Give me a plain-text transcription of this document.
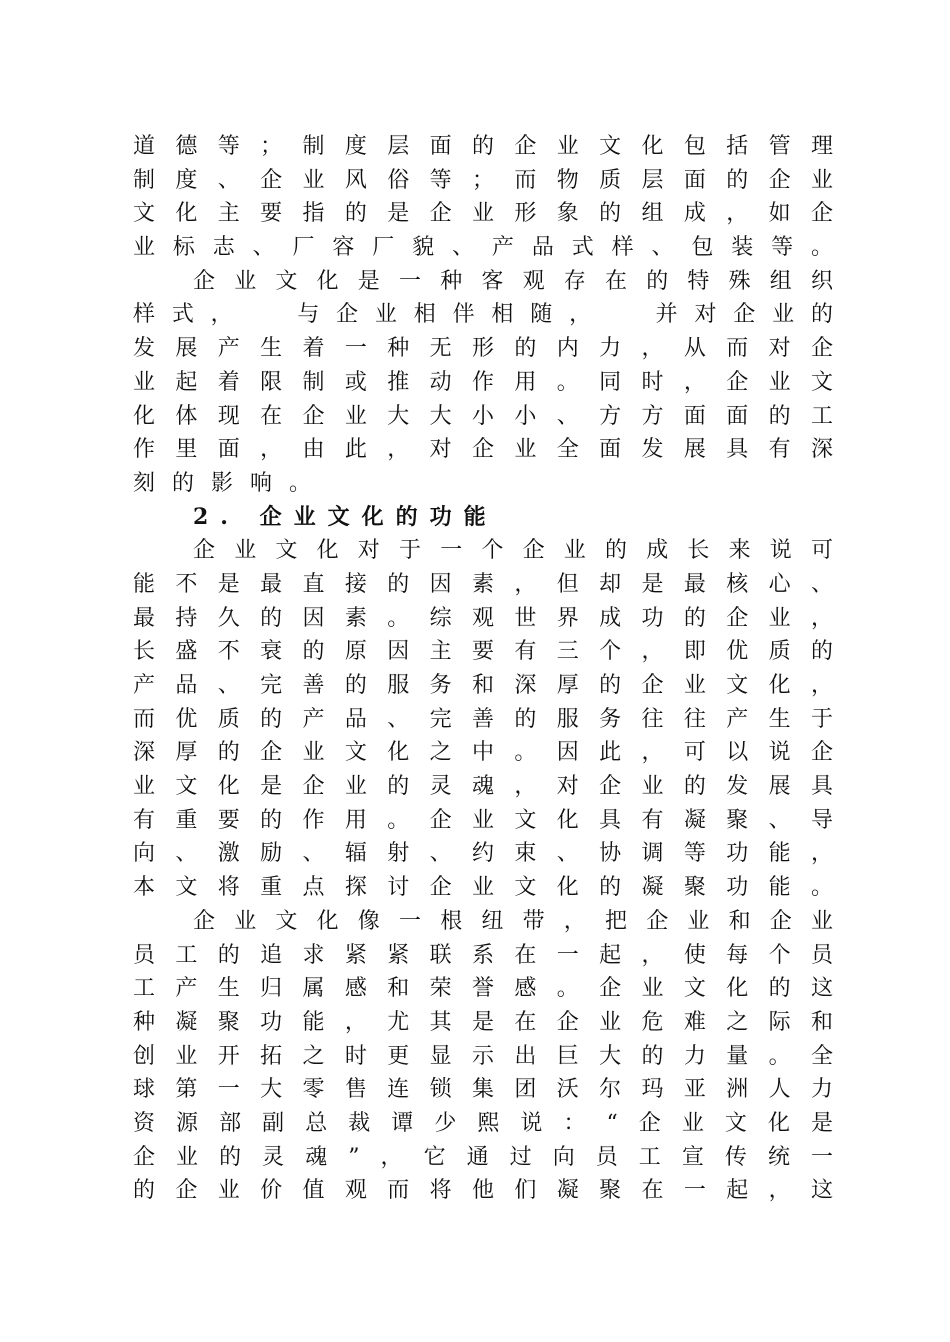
道德等；制度层面的企业文化包括管理
制度、企业风俗等；而物质层面的企业
文化主要指的是企业形象的组成，如企
业标志、厂容厂貌、产品式样、包装等。
企业文化是一种客观存在的特殊组织
样式，  与企业相伴相随，  并对企业的
发展产生着一种无形的内力，从而对企
业起着限制或推动作用。同时，企业文
化体现在企业大大小小、方方面面的工
作里面，由此，对企业全面发展具有深
刻的影响。
2. 企业文化的功能
企业文化对于一个企业的成长来说可
能不是最直接的因素，但却是最核心、
最持久的因素。综观世界成功的企业，
长盛不衰的原因主要有三个，即优质的
产品、完善的服务和深厚的企业文化，
而优质的产品、完善的服务往往产生于
深厚的企业文化之中。因此，可以说企
业文化是企业的灵魂，对企业的发展具
有重要的作用。企业文化具有凝聚、导
向、激励、辐射、约束、协调等功能，
本文将重点探讨企业文化的凝聚功能。
企业文化像一根纽带，把企业和企业
员工的追求紧紧联系在一起，使每个员
工产生归属感和荣誉感。企业文化的这
种凝聚功能，尤其是在企业危难之际和
创业开拓之时更显示出巨大的力量。全
球第一大零售连锁集团沃尔玛亚洲人力
资源部副总裁谭少熙说：“企业文化是
企业的灵魂”，它通过向员工宣传统一
的企业价值观而将他们凝聚在一起，这
